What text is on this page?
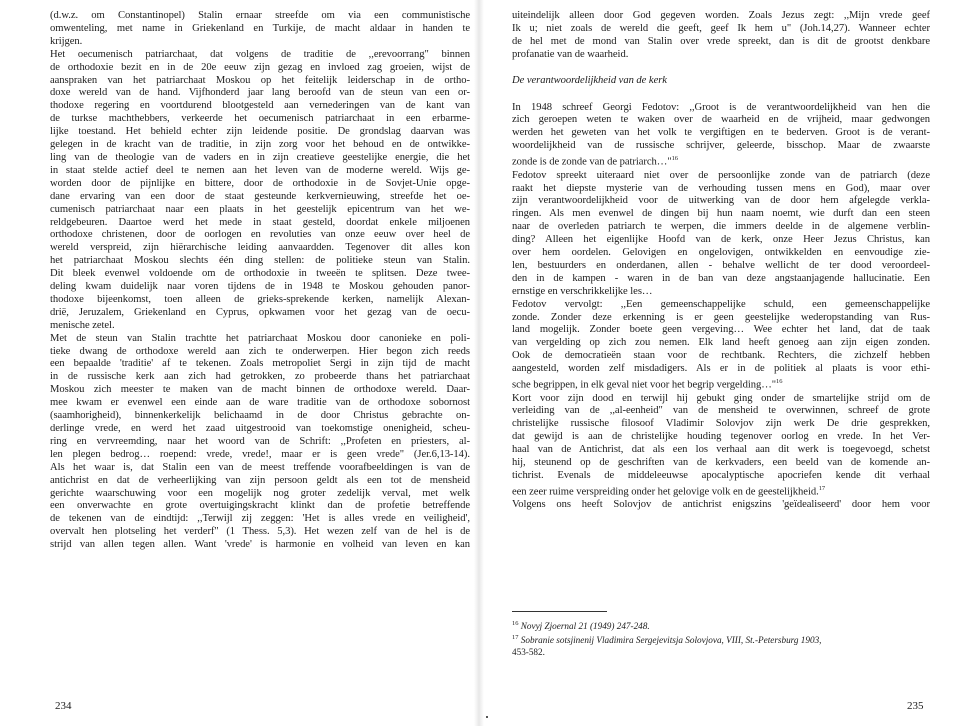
(d.w.z. om Constantinopel) Stalin ernaar streefde om via een communistische
omwenteling, met name in Griekenland en Turkije, de macht aldaar in handen te
krijgen.
Het oecumenisch patriarchaat, dat volgens de traditie de ,,erevoorrang" binnen
de orthodoxie bezit en in de 20e eeuw zijn gezag en invloed zag groeien, wijst de
aanspraken van het patriarchaat Moskou op het feitelijk leiderschap in de ortho-
doxe wereld van de hand. Vijfhonderd jaar lang beroofd van de steun van een or-
thodoxe regering en voortdurend blootgesteld aan vernederingen van de kant van
de turkse machthebbers, verkeerde het oecumenisch patriarchaat in een erbarme-
lijke toestand. Het behield echter zijn leidende positie. De grondslag daarvan was
gelegen in de kracht van de traditie, in zijn zorg voor het behoud en de ontwikke-
ling van de theologie van de vaders en in zijn creatieve geestelijke energie, die het
in staat stelde actief deel te nemen aan het leven van de moderne wereld. Wijs ge-
worden door de pijnlijke en bittere, door de orthodoxie in de Sovjet-Unie opge-
dane ervaring van een door de staat gesteunde kerkvernieuwing, streefde het oe-
cumenisch patriarchaat naar een plaats in het geestelijk epicentrum van het we-
reldgebeuren. Daartoe werd het mede in staat gesteld, doordat enkele miljoenen
orthodoxe christenen, door de oorlogen en revoluties van onze eeuw over heel de
wereld verspreid, zijn hiërarchische leiding aanvaardden. Tegenover dit alles kon
het patriarchaat Moskou slechts één ding stellen: de politieke steun van Stalin.
Dit bleek evenwel voldoende om de orthodoxie in tweeën te splitsen. Deze twee-
deling kwam duidelijk naar voren tijdens de in 1948 te Moskou gehouden panor-
thodoxe bijeenkomst, toen alleen de grieks-sprekende kerken, namelijk Alexan-
drië, Jeruzalem, Griekenland en Cyprus, opkwamen voor het gezag van de oecu-
menische zetel.
Met de steun van Stalin trachtte het patriarchaat Moskou door canonieke en poli-
tieke dwang de orthodoxe wereld aan zich te onderwerpen. Hier begon zich reeds
een bepaalde 'traditie' af te tekenen. Zoals metropoliet Sergi in zijn tijd de macht
in de russische kerk aan zich had getrokken, zo probeerde thans het patriarchaat
Moskou zich meester te maken van de macht binnen de orthodoxe wereld. Daar-
mee kwam er evenwel een einde aan de ware traditie van de orthodoxe sobornost
(saamhorigheid), binnenkerkelijk belichaamd in de door Christus gebrachte on-
derlinge vrede, en werd het zaad uitgestrooid van toekomstige onenigheid, scheu-
ring en vervreemding, naar het woord van de Schrift: ,,Profeten en priesters, al-
len plegen bedrog… roepend: vrede, vrede!, maar er is geen vrede" (Jer.6,13-14).
Als het waar is, dat Stalin een van de meest treffende voorafbeeldingen is van de
antichrist en dat de verheerlijking van zijn persoon geldt als een tot de mensheid
gerichte waarschuwing voor een mogelijk nog groter zedelijk verval, met welk
een onverwachte en grote overtuigingskracht klinkt dan de profetie betreffende
de tekenen van de eindtijd: ,,Terwijl zij zeggen: 'Het is alles vrede en veiligheid',
overvalt hen plotseling het verderf" (1 Thess. 5,3). Het wezen zelf van de hel is de
strijd van allen tegen allen. Want 'vrede' is harmonie en volheid van leven en kan
234
uiteindelijk alleen door God gegeven worden. Zoals Jezus zegt: ,,Mijn vrede geef
Ik u; niet zoals de wereld die geeft, geef Ik hem u" (Joh.14,27). Wanneer echter
de hel met de mond van Stalin over vrede spreekt, dan is dit de grootst denkbare
profanatie van de waarheid.
De verantwoordelijkheid van de kerk
In 1948 schreef Georgi Fedotov: ,,Groot is de verantwoordelijkheid van hen die
zich geroepen weten te waken over de waarheid en de vrijheid, maar gedwongen
werden het geweten van het volk te vergiftigen en te bederven. Groot is de verant-
woordelijkheid van de russische schrijver, geleerde, bisschop. Maar de zwaarste
zonde is de zonde van de patriarch…"$^{16}$
Fedotov spreekt uiteraard niet over de persoonlijke zonde van de patriarch (deze
raakt het diepste mysterie van de verhouding tussen mens en God), maar over
zijn verantwoordelijkheid voor de uitwerking van de door hem afgelegde verkla-
ringen. Als men evenwel de dingen bij hun naam noemt, wie durft dan een steen
naar de overleden patriarch te werpen, die immers deelde in de algemene verblin-
ding? Alleen het eigenlijke Hoofd van de kerk, onze Heer Jezus Christus, kan
over hem oordelen. Gelovigen en ongelovigen, ontwikkelden en eenvoudige zie-
len, bestuurders en onderdanen, allen - behalve wellicht de ter dood veroordeel-
den in de kampen - waren in de ban van deze angstaanjagende hallucinatie. Een
ernstige en verschrikkelijke les…
Fedotov vervolgt: ,,Een gemeenschappelijke schuld, een gemeenschappelijke
zonde. Zonder deze erkenning is er geen geestelijke wederopstanding van Rus-
land mogelijk. Zonder boete geen vergeving… Wee echter het land, dat de taak
van vergelding op zich zou nemen. Elk land heeft genoeg aan zijn eigen zonden.
Ook de democratieën staan voor de rechtbank. Rechters, die zichzelf hebben
aangesteld, worden zelf misdadigers. Als er in de politiek al plaats is voor ethi-
sche begrippen, in elk geval niet voor het begrip vergelding…"$^{16}$
Kort voor zijn dood en terwijl hij gebukt ging onder de smartelijke strijd om de
verleiding van de ,,al-eenheid" van de mensheid te overwinnen, schreef de grote
christelijke russische filosoof Vladimir Solovjov zijn werk De drie gesprekken,
dat gewijd is aan de christelijke houding tegenover oorlog en vrede. In het Ver-
haal van de Antichrist, dat als een los verhaal aan dit werk is toegevoegd, schetst
hij, steunend op de geschriften van de kerkvaders, een beeld van de komende an-
tichrist. Evenals de middeleeuwse apocalyptische apocriefen kende dit verhaal
een zeer ruime verspreiding onder het gelovige volk en de geestelijkheid.$^{17}$
Volgens ons heeft Solovjov de antichrist enigszins 'geïdealiseerd' door hem voor
$^{16}$ Novyj Zjoernal 21 (1949) 247-248.
$^{17}$ Sobranie sotsjinenij Vladimira Sergejevitsja Solovjova, VIII, St.-Petersburg 1903,
453-582.
235
